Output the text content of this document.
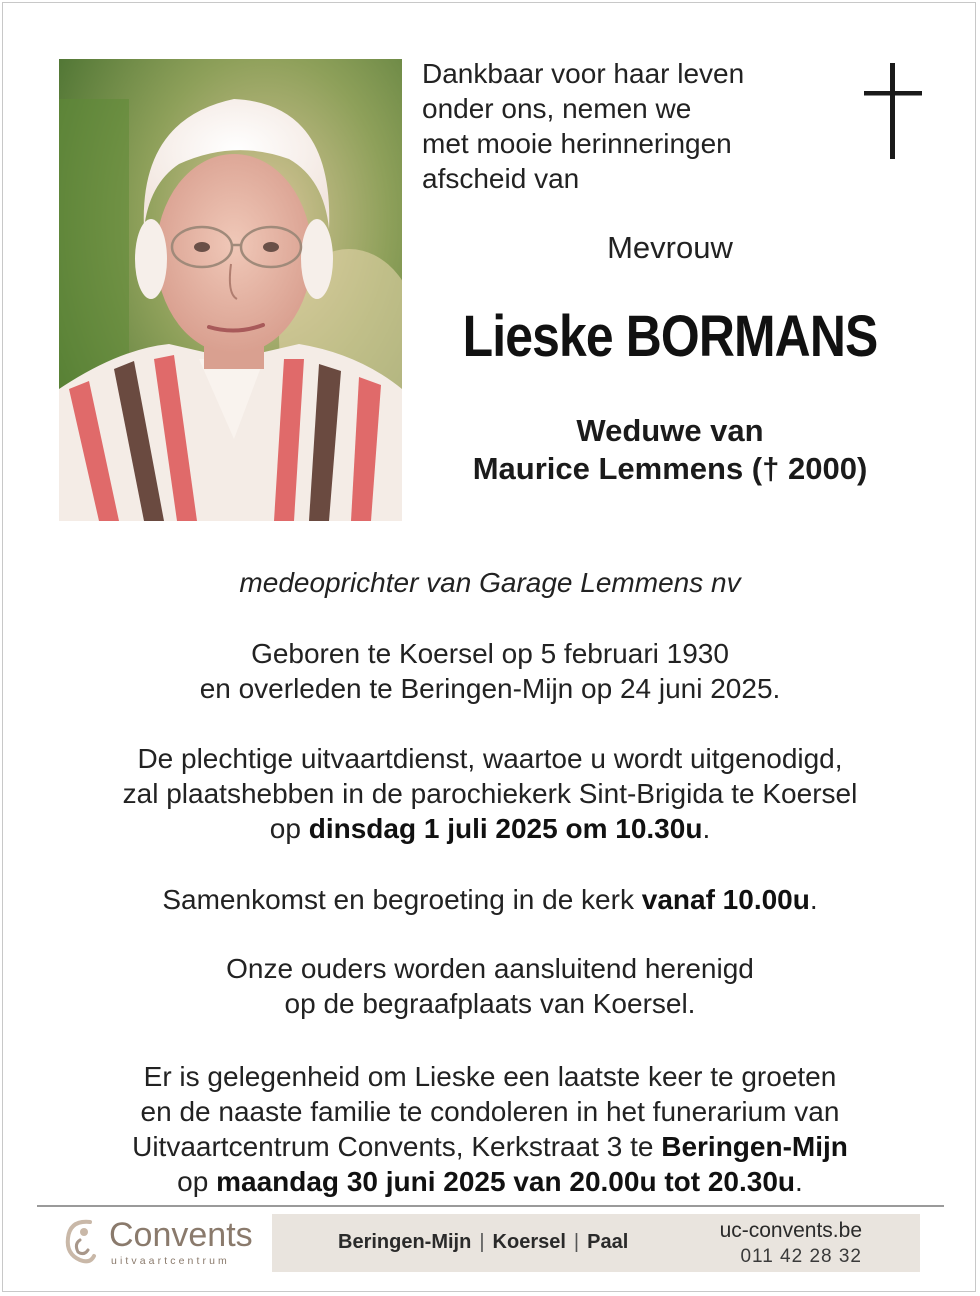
Dankbaar voor haar leven
onder ons, nemen we
met mooie herinneringen
afscheid van
Mevrouw
Lieske BORMANS
Weduwe van
Maurice Lemmens († 2000)
medeoprichter van Garage Lemmens nv
Geboren te Koersel op 5 februari 1930
en overleden te Beringen-Mijn op 24 juni 2025.
De plechtige uitvaartdienst, waartoe u wordt uitgenodigd,
zal plaatshebben in de parochiekerk Sint-Brigida te Koersel
op dinsdag 1 juli 2025 om 10.30u.
Samenkomst en begroeting in de kerk vanaf 10.00u.
Onze ouders worden aansluitend herenigd
op de begraafplaats van Koersel.
Er is gelegenheid om Lieske een laatste keer te groeten
en de naaste familie te condoleren in het funerarium van
Uitvaartcentrum Convents, Kerkstraat 3 te Beringen-Mijn
op maandag 30 juni 2025 van 20.00u tot 20.30u.
Convents
uitvaartcentrum
Beringen-Mijn | Koersel | Paal	uc-convents.be
011 42 28 32
